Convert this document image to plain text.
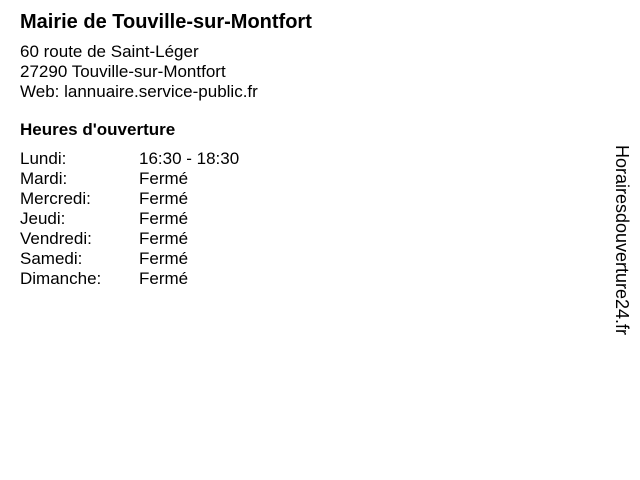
Mairie de Touville-sur-Montfort
60 route de Saint-Léger
27290 Touville-sur-Montfort
Web: lannuaire.service-public.fr
Heures d'ouverture
Lundi:	16:30 - 18:30
Mardi:	Fermé
Mercredi:	Fermé
Jeudi:	Fermé
Vendredi:	Fermé
Samedi:	Fermé
Dimanche:	Fermé	Horairesdouverture24.fr
